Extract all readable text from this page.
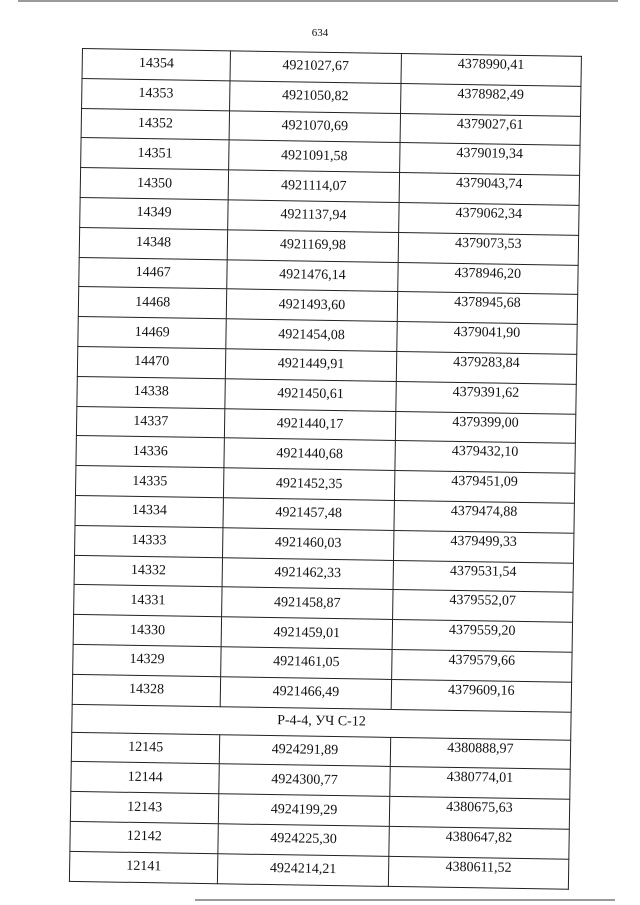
634
14354	4921027,67	4378990,41
14353	4921050,82	4378982,49
14352	4921070,69	4379027,61
14351	4921091,58	4379019,34
14350	4921114,07	4379043,74
14349	4921137,94	4379062,34
14348	4921169,98	4379073,53
14467	4921476,14	4378946,20
14468	4921493,60	4378945,68
14469	4921454,08	4379041,90
14470	4921449,91	4379283,84
14338	4921450,61	4379391,62
14337	4921440,17	4379399,00
14336	4921440,68	4379432,10
14335	4921452,35	4379451,09
14334	4921457,48	4379474,88
14333	4921460,03	4379499,33
14332	4921462,33	4379531,54
14331	4921458,87	4379552,07
14330	4921459,01	4379559,20
14329	4921461,05	4379579,66
14328	4921466,49	4379609,16
Р-4-4, УЧ С-12		
12145	4924291,89	4380888,97
12144	4924300,77	4380774,01
12143	4924199,29	4380675,63
12142	4924225,30	4380647,82
12141	4924214,21	4380611,52
